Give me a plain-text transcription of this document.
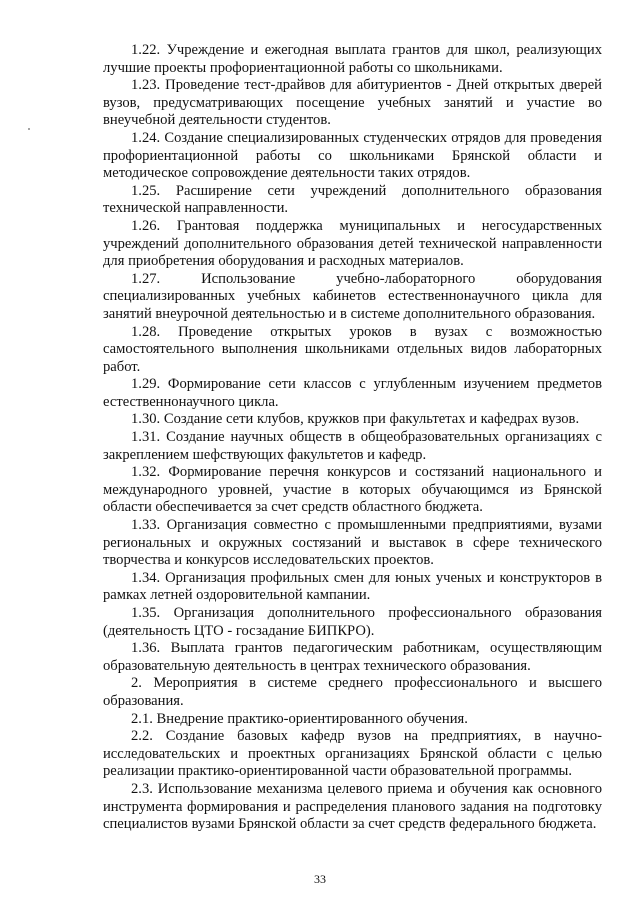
1.22. Учреждение и ежегодная выплата грантов для школ, реализующих лучшие проекты профориентационной работы со школьниками.

1.23. Проведение тест-драйвов для абитуриентов - Дней открытых дверей вузов, предусматривающих посещение учебных занятий и участие во внеучебной деятельности студентов.

1.24. Создание специализированных студенческих отрядов для проведения профориентационной работы со школьниками Брянской области и методическое сопровождение деятельности таких отрядов.

1.25. Расширение сети учреждений дополнительного образования технической направленности.

1.26. Грантовая поддержка муниципальных и негосударственных учреждений дополнительного образования детей технической направленности для приобретения оборудования и расходных материалов.

1.27. Использование учебно-лабораторного оборудования специализированных учебных кабинетов естественнонаучного цикла для занятий внеурочной деятельностью и в системе дополнительного образования.

1.28. Проведение открытых уроков в вузах с возможностью самостоятельного выполнения школьниками отдельных видов лабораторных работ.

1.29. Формирование сети классов с углубленным изучением предметов естественнонаучного цикла.

1.30. Создание сети клубов, кружков при факультетах и кафедрах вузов.

1.31. Создание научных обществ в общеобразовательных организациях с закреплением шефствующих факультетов и кафедр.

1.32. Формирование перечня конкурсов и состязаний национального и международного уровней, участие в которых обучающимся из Брянской области обеспечивается за счет средств областного бюджета.

1.33. Организация совместно с промышленными предприятиями, вузами региональных и окружных состязаний и выставок в сфере технического творчества и конкурсов исследовательских проектов.

1.34. Организация профильных смен для юных ученых и конструкторов в рамках летней оздоровительной кампании.

1.35. Организация дополнительного профессионального образования (деятельность ЦТО - госзадание БИПКРО).

1.36. Выплата грантов педагогическим работникам, осуществляющим образовательную деятельность в центрах технического образования.

2. Мероприятия в системе среднего профессионального и высшего образования.

2.1. Внедрение практико-ориентированного обучения.

2.2. Создание базовых кафедр вузов на предприятиях, в научно-исследовательских и проектных организациях Брянской области с целью реализации практико-ориентированной части образовательной программы.

2.3. Использование механизма целевого приема и обучения как основного инструмента формирования и распределения планового задания на подготовку специалистов вузами Брянской области за счет средств федерального бюджета.

33
